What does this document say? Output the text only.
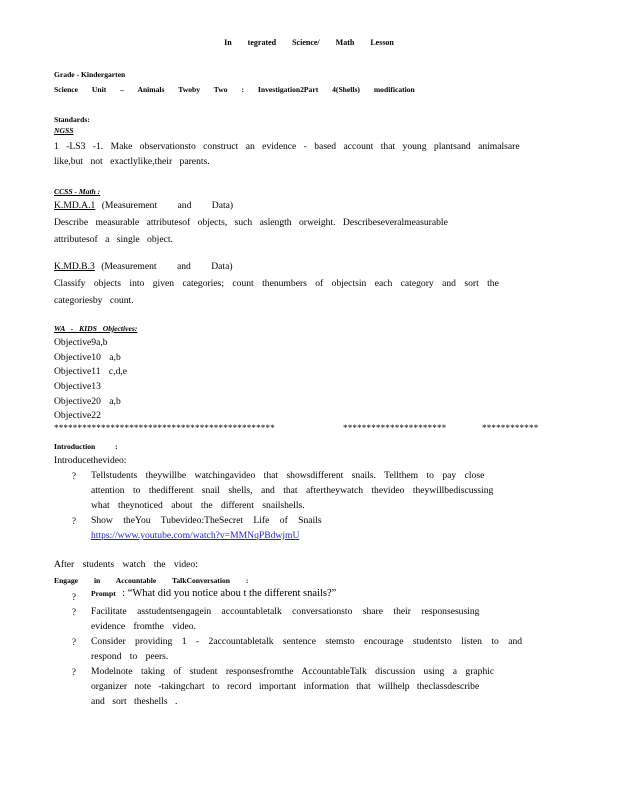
In tegrated Science/ Math Lesson
Grade - Kindergarten
Science Unit – Animals Twoby Two : Investigation2Part 4(Shells) modification
Standards:
NGSS
1 -LS3 -1. Make observationsto construct an evidence - based account that young plantsand animalsare
like,but not exactlylike,their parents.
CCSS - Math :
K.MD.A.1 (Measurement and Data)
Describe measurable attributesof objects, such aslength orweight. Describeseveralmeasurable
attributesof a single object.
K.MD.B.3 (Measurement and Data)
Classify objects into given categories; count thenumbers of objectsin each category and sort the
categoriesby count.
WA - KIDS Objectives:
Objective9a,b
Objective10 a,b
Objective11 c,d,e
Objective13
Objective20 a,b
Objective22
***********************************************	**********************	************
Introduction :
Introducethevideo:
? Tellstudents theywillbe watchingavideo that showsdifferent snails. Tellthem to pay close
attention to thedifferent snail shells, and that aftertheywatch thevideo theywillbediscussing
what theynoticed about the different snailshells.
? Show theYou Tubevideo:TheSecret Life of Snails
https://www.youtube.com/watch?v=MMNqPBdwjmU
After students watch the video:
Engage in Accountable TalkConversation :
? Prompt : “What did you notice abou t the different snails?”
? Facilitate asstudentsengagein accountabletalk conversationsto share their responsesusing
evidence fromthe video.
? Consider providing 1 - 2accountabletalk sentence stemsto encourage studentsto listen to and
respond to peers.
? Modelnote taking of student responsesfromthe AccountableTalk discussion using a graphic
organizer note -takingchart to record important information that willhelp theclassdescribe
and sort theshells .
